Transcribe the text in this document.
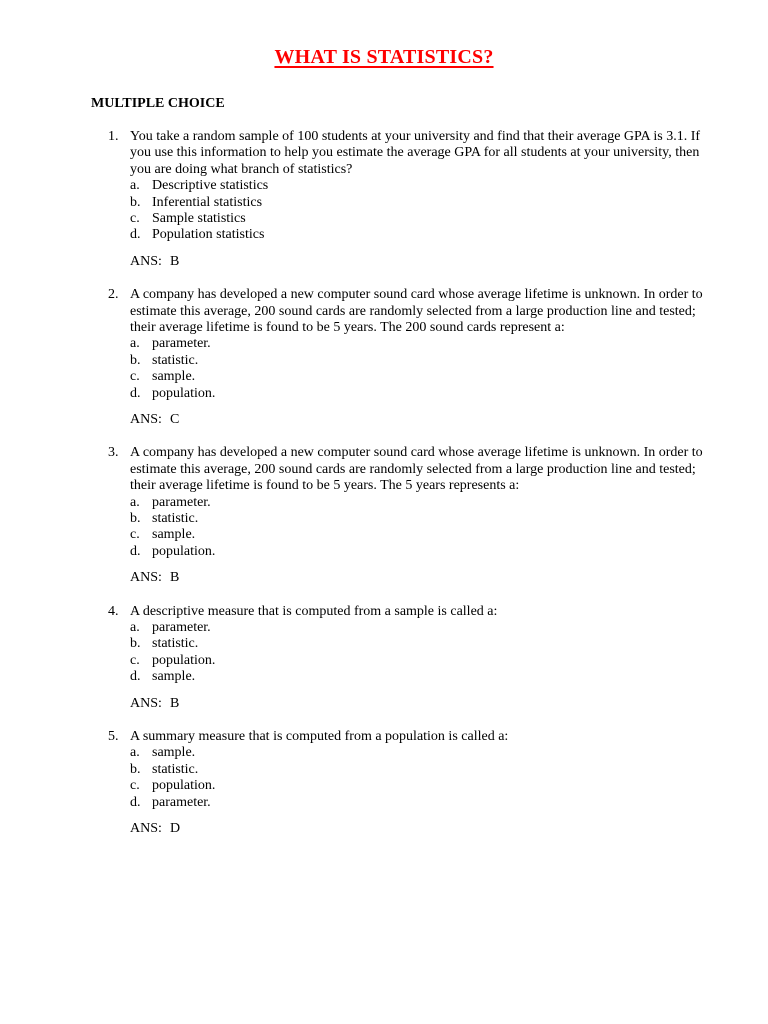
WHAT IS STATISTICS?
MULTIPLE CHOICE
1. You take a random sample of 100 students at your university and find that their average GPA is 3.1. If
you use this information to help you estimate the average GPA for all students at your university, then
you are doing what branch of statistics?
a. Descriptive statistics
b. Inferential statistics
c. Sample statistics
d. Population statistics
ANS: B
2. A company has developed a new computer sound card whose average lifetime is unknown. In order to
estimate this average, 200 sound cards are randomly selected from a large production line and tested;
their average lifetime is found to be 5 years. The 200 sound cards represent a:
a. parameter.
b. statistic.
c. sample.
d. population.
ANS: C
3. A company has developed a new computer sound card whose average lifetime is unknown. In order to
estimate this average, 200 sound cards are randomly selected from a large production line and tested;
their average lifetime is found to be 5 years. The 5 years represents a:
a. parameter.
b. statistic.
c. sample.
d. population.
ANS: B
4. A descriptive measure that is computed from a sample is called a:
a. parameter.
b. statistic.
c. population.
d. sample.
ANS: B
5. A summary measure that is computed from a population is called a:
a. sample.
b. statistic.
c. population.
d. parameter.
ANS: D
